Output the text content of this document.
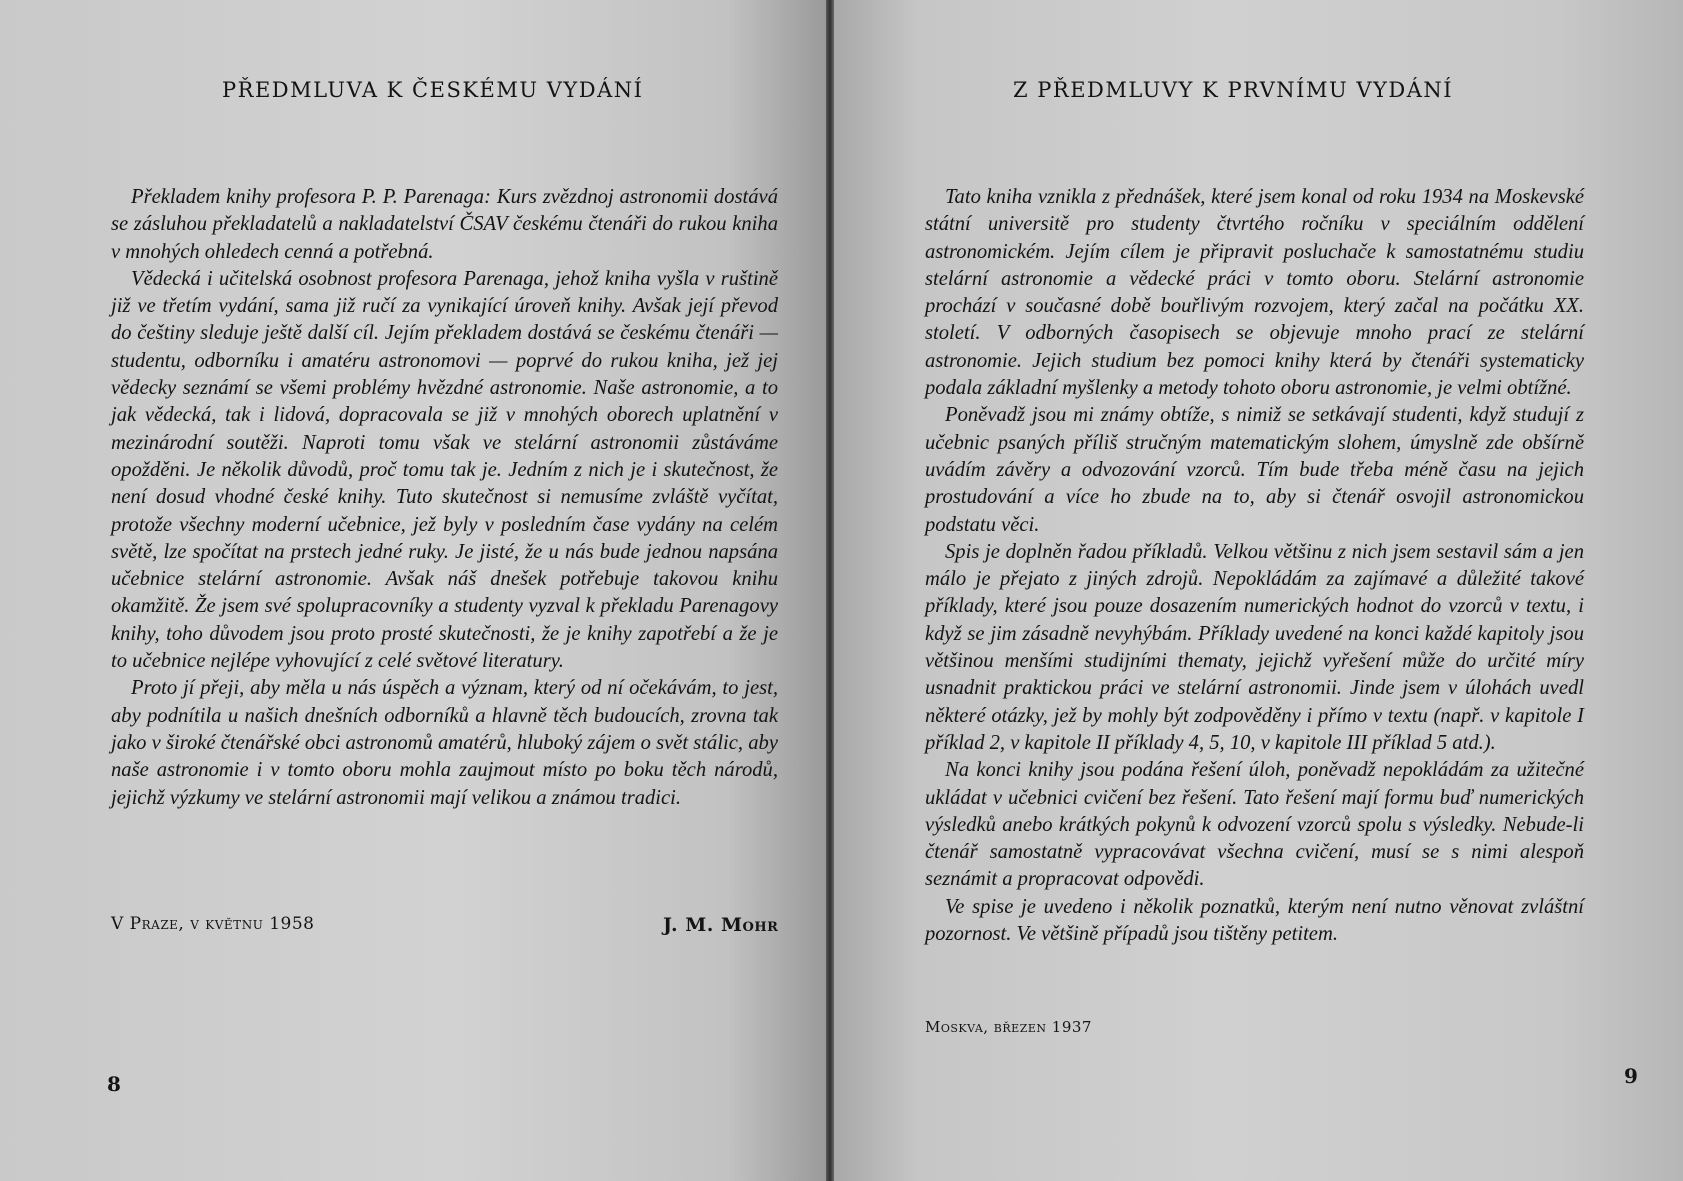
PŘEDMLUVA K ČESKÉMU VYDÁNÍ

Překladem knihy profesora P. P. Parenaga: Kurs zvězdnoj astronomii dostává se zásluhou překladatelů a nakladatelství ČSAV českému čtenáři do rukou kniha v mnohých ohledech cenná a potřebná.

Vědecká i učitelská osobnost profesora Parenaga, jehož kniha vyšla v ruštině již ve třetím vydání, sama již ručí za vynikající úroveň knihy. Avšak její převod do češtiny sleduje ještě další cíl. Jejím překladem dostává se českému čtenáři — studentu, odborníku i amatéru astronomovi — poprvé do rukou kniha, jež jej vědecky seznámí se všemi problémy hvězdné astronomie. Naše astronomie, a to jak vědecká, tak i lidová, dopracovala se již v mnohých oborech uplatnění v mezinárodní soutěži. Naproti tomu však ve stelární astronomii zůstáváme opožděni. Je několik důvodů, proč tomu tak je. Jedním z nich je i skutečnost, že není dosud vhodné české knihy. Tuto skutečnost si nemusíme zvláště vyčítat, protože všechny moderní učebnice, jež byly v posledním čase vydány na celém světě, lze spočítat na prstech jedné ruky. Je jisté, že u nás bude jednou napsána učebnice stelární astronomie. Avšak náš dnešek potřebuje takovou knihu okamžitě. Že jsem své spolupracovníky a studenty vyzval k překladu Parenagovy knihy, toho důvodem jsou proto prosté skutečnosti, že je knihy zapotřebí a že je to učebnice nejlépe vyhovující z celé světové literatury.

Proto jí přeji, aby měla u nás úspěch a význam, který od ní očekávám, to jest, aby podnítila u našich dnešních odborníků a hlavně těch budoucích, zrovna tak jako v široké čtenářské obci astronomů amatérů, hluboký zájem o svět stálic, aby naše astronomie i v tomto oboru mohla zaujmout místo po boku těch národů, jejichž výzkumy ve stelární astronomii mají velikou a známou tradici.

V Praze, v květnu 1958	J. M. Mohr
8
Z PŘEDMLUVY K PRVNÍMU VYDÁNÍ

Tato kniha vznikla z přednášek, které jsem konal od roku 1934 na Moskevské státní universitě pro studenty čtvrtého ročníku v speciálním oddělení astronomickém. Jejím cílem je připravit posluchače k samostatnému studiu stelární astronomie a vědecké práci v tomto oboru. Stelární astronomie prochází v současné době bouřlivým rozvojem, který začal na počátku XX. století. V odborných časopisech se objevuje mnoho prací ze stelární astronomie. Jejich studium bez pomoci knihy která by čtenáři systematicky podala základní myšlenky a metody tohoto oboru astronomie, je velmi obtížné.

Poněvadž jsou mi známy obtíže, s nimiž se setkávají studenti, když studují z učebnic psaných příliš stručným matematickým slohem, úmyslně zde obšírně uvádím závěry a odvozování vzorců. Tím bude třeba méně času na jejich prostudování a více ho zbude na to, aby si čtenář osvojil astronomickou podstatu věci.

Spis je doplněn řadou příkladů. Velkou většinu z nich jsem sestavil sám a jen málo je přejato z jiných zdrojů. Nepokládám za zajímavé a důležité takové příklady, které jsou pouze dosazením numerických hodnot do vzorců v textu, i když se jim zásadně nevyhýbám. Příklady uvedené na konci každé kapitoly jsou většinou menšími studijními thematy, jejichž vyřešení může do určité míry usnadnit praktickou práci ve stelární astronomii. Jinde jsem v úlohách uvedl některé otázky, jež by mohly být zodpověděny i přímo v textu (např. v kapitole I příklad 2, v kapitole II příklady 4, 5, 10, v kapitole III příklad 5 atd.).

Na konci knihy jsou podána řešení úloh, poněvadž nepokládám za užitečné ukládat v učebnici cvičení bez řešení. Tato řešení mají formu buď numerických výsledků anebo krátkých pokynů k odvození vzorců spolu s výsledky. Nebude-li čtenář samostatně vypracovávat všechna cvičení, musí se s nimi alespoň seznámit a propracovat odpovědi.

Ve spise je uvedeno i několik poznatků, kterým není nutno věnovat zvláštní pozornost. Ve většině případů jsou tištěny petitem.

Moskva, březen 1937
9
